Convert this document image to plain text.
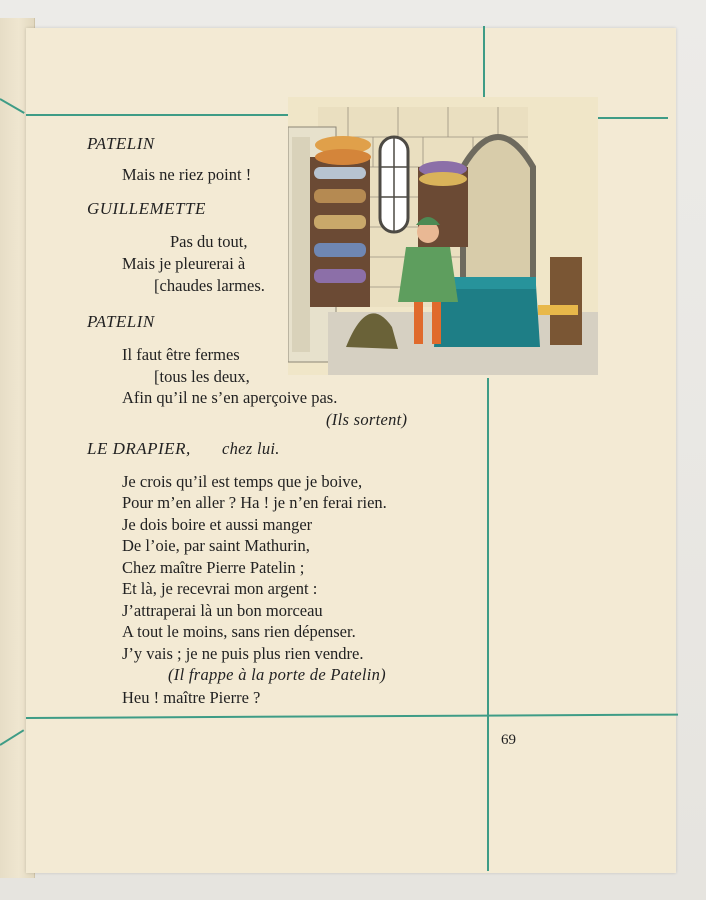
PATELIN
Mais ne riez point !
GUILLEMETTE
Pas du tout,
Mais je pleurerai à
[chaudes larmes.
PATELIN
Il faut être fermes
[tous les deux,
Afin qu’il ne s’en aperçoive pas.
(Ils sortent)
LE DRAPIER, chez lui.
Je crois qu’il est temps que je boive,
Pour m’en aller ? Ha ! je n’en ferai rien.
Je dois boire et aussi manger
De l’oie, par saint Mathurin,
Chez maître Pierre Patelin ;
Et là, je recevrai mon argent :
J’attraperai là un bon morceau
A tout le moins, sans rien dépenser.
J’y vais ; je ne puis plus rien vendre.
(Il frappe à la porte de Patelin)
Heu ! maître Pierre ?
69
